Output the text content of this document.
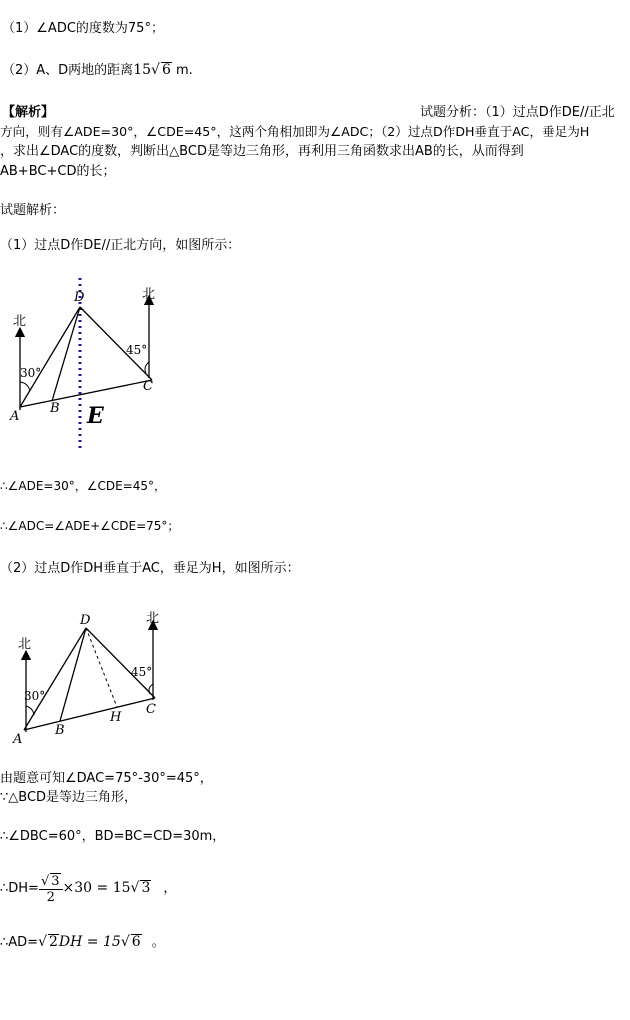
（1）∠ADC的度数为75°；
（2）A、D两地的距离15√ 6 m.
【解析】	试题分析：（1）过点D作DE//正北
方向，则有∠ADE=30°，∠CDE=45°，这两个角相加即为∠ADC；（2）过点D作DH垂直于AC，垂足为H
，求出∠DAC的度数，判断出△BCD是等边三角形，再利用三角函数求出AB的长，从而得到
AB+BC+CD的长；
试题解析：
（1）过点D作DE//正北方向，如图所示：
北
北
30°
45°
A
B
C
D
E
∴∠ADE=30°，∠CDE=45°，
∴∠ADC=∠ADE+∠CDE=75°；
（2）过点D作DH垂直于AC，垂足为H，如图所示：
北
北
30°
45°
A
B
C
D
H
由题意可知∠DAC=75°-30°=45°，
∵△BCD是等边三角形，
∴∠DBC=60°，BD=BC=CD=30m，
∴DH= $\frac{√ 3}{2} \times 30 = 15√$ 3 ，
∴AD=√ 2DH = 15√ 6 。
